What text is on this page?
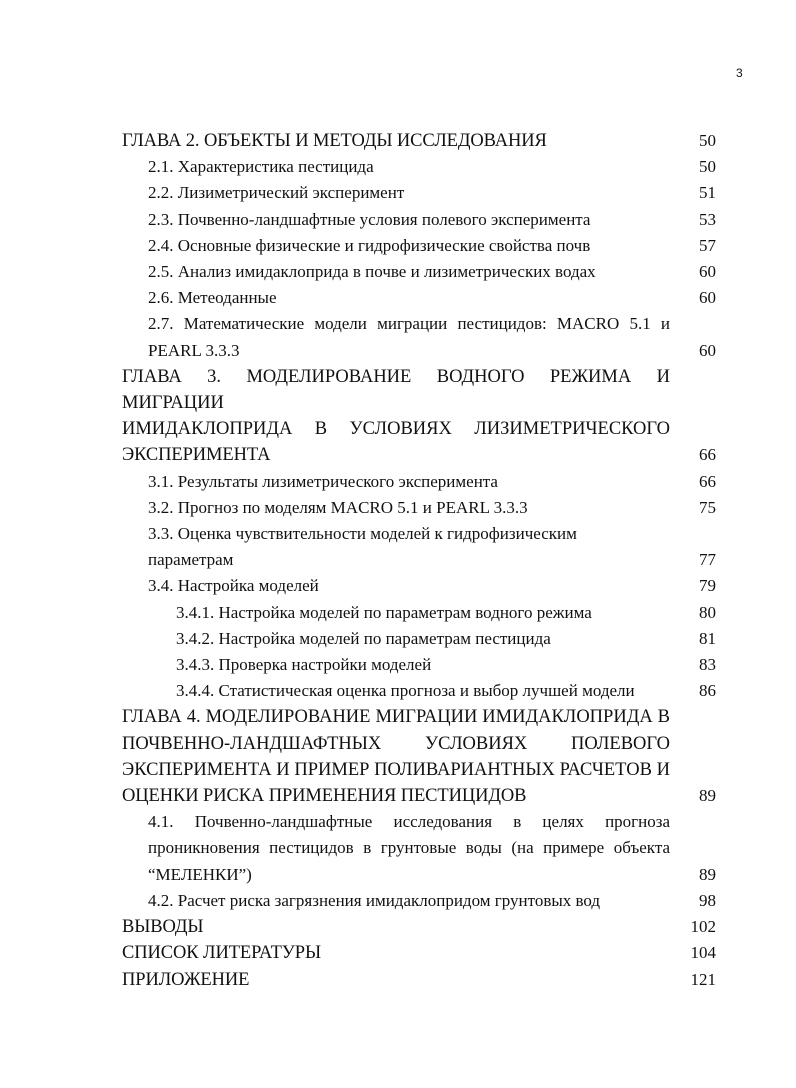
3
ГЛАВА 2. ОБЪЕКТЫ И МЕТОДЫ ИССЛЕДОВАНИЯ	50
2.1. Характеристика пестицида	50
2.2. Лизиметрический эксперимент	51
2.3. Почвенно-ландшафтные условия полевого эксперимента	53
2.4. Основные физические и гидрофизические свойства почв	57
2.5. Анализ имидаклоприда в почве и лизиметрических водах	60
2.6. Метеоданные	60
2.7. Математические модели миграции пестицидов: MACRO 5.1 и
PEARL 3.3.3	60
ГЛАВА 3. МОДЕЛИРОВАНИЕ ВОДНОГО РЕЖИМА И МИГРАЦИИ
ИМИДАКЛОПРИДА В УСЛОВИЯХ ЛИЗИМЕТРИЧЕСКОГО
ЭКСПЕРИМЕНТА	66
3.1. Результаты лизиметрического эксперимента	66
3.2. Прогноз по моделям MACRO 5.1 и PEARL 3.3.3	75
3.3. Оценка чувствительности моделей к гидрофизическим
параметрам	77
3.4. Настройка моделей	79
3.4.1. Настройка моделей по параметрам водного режима	80
3.4.2. Настройка моделей по параметрам пестицида	81
3.4.3. Проверка настройки моделей	83
3.4.4. Статистическая оценка прогноза и выбор лучшей модели	86
ГЛАВА 4. МОДЕЛИРОВАНИЕ МИГРАЦИИ ИМИДАКЛОПРИДА В
ПОЧВЕННО-ЛАНДШАФТНЫХ УСЛОВИЯХ ПОЛЕВОГО
ЭКСПЕРИМЕНТА И ПРИМЕР ПОЛИВАРИАНТНЫХ РАСЧЕТОВ И
ОЦЕНКИ РИСКА ПРИМЕНЕНИЯ ПЕСТИЦИДОВ	89
4.1. Почвенно-ландшафтные исследования в целях прогноза
проникновения пестицидов в грунтовые воды (на примере объекта
“МЕЛЕНКИ”)	89
4.2. Расчет риска загрязнения имидаклопридом грунтовых вод	98
ВЫВОДЫ	102
СПИСОК ЛИТЕРАТУРЫ	104
ПРИЛОЖЕНИЕ	121
